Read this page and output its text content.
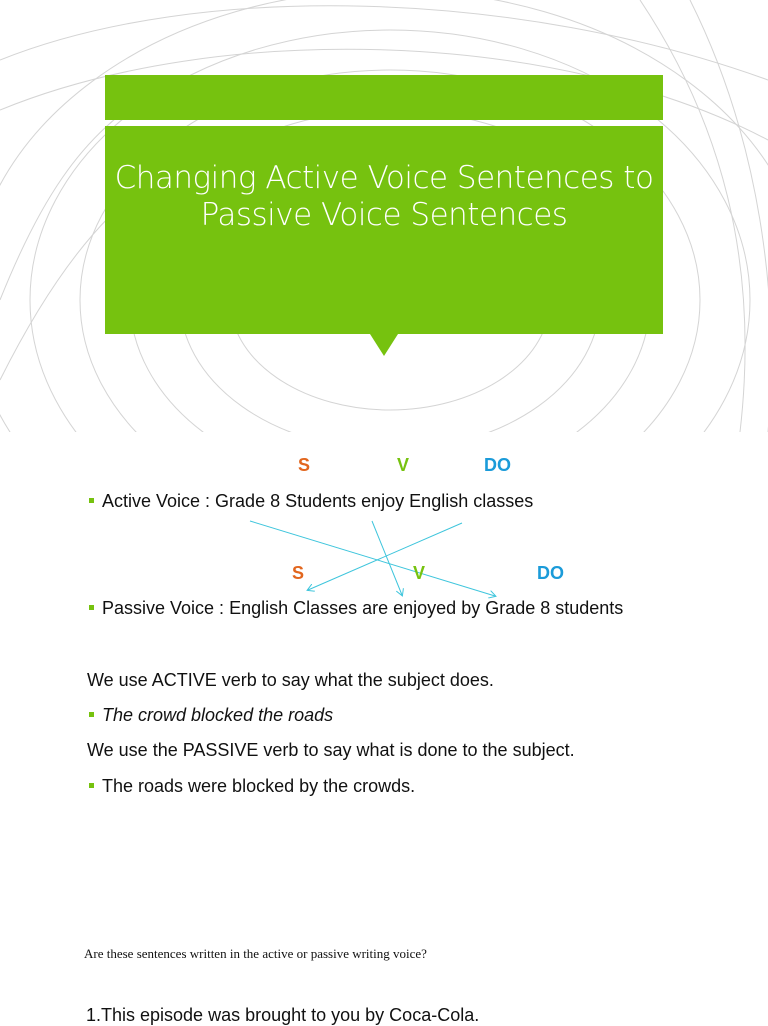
Changing Active Voice Sentences to
Passive Voice Sentences
S	V	DO
Active Voice : Grade 8 Students enjoy English classes
S	V	DO
Passive Voice : English Classes are enjoyed by Grade 8 students
We use ACTIVE verb to say what the subject does.
The crowd blocked the roads
We use the PASSIVE verb to say what is done to the subject.
The roads were blocked by the crowds.
Are these sentences written in the active or passive writing voice?
1.This episode was brought to you by Coca-Cola.
